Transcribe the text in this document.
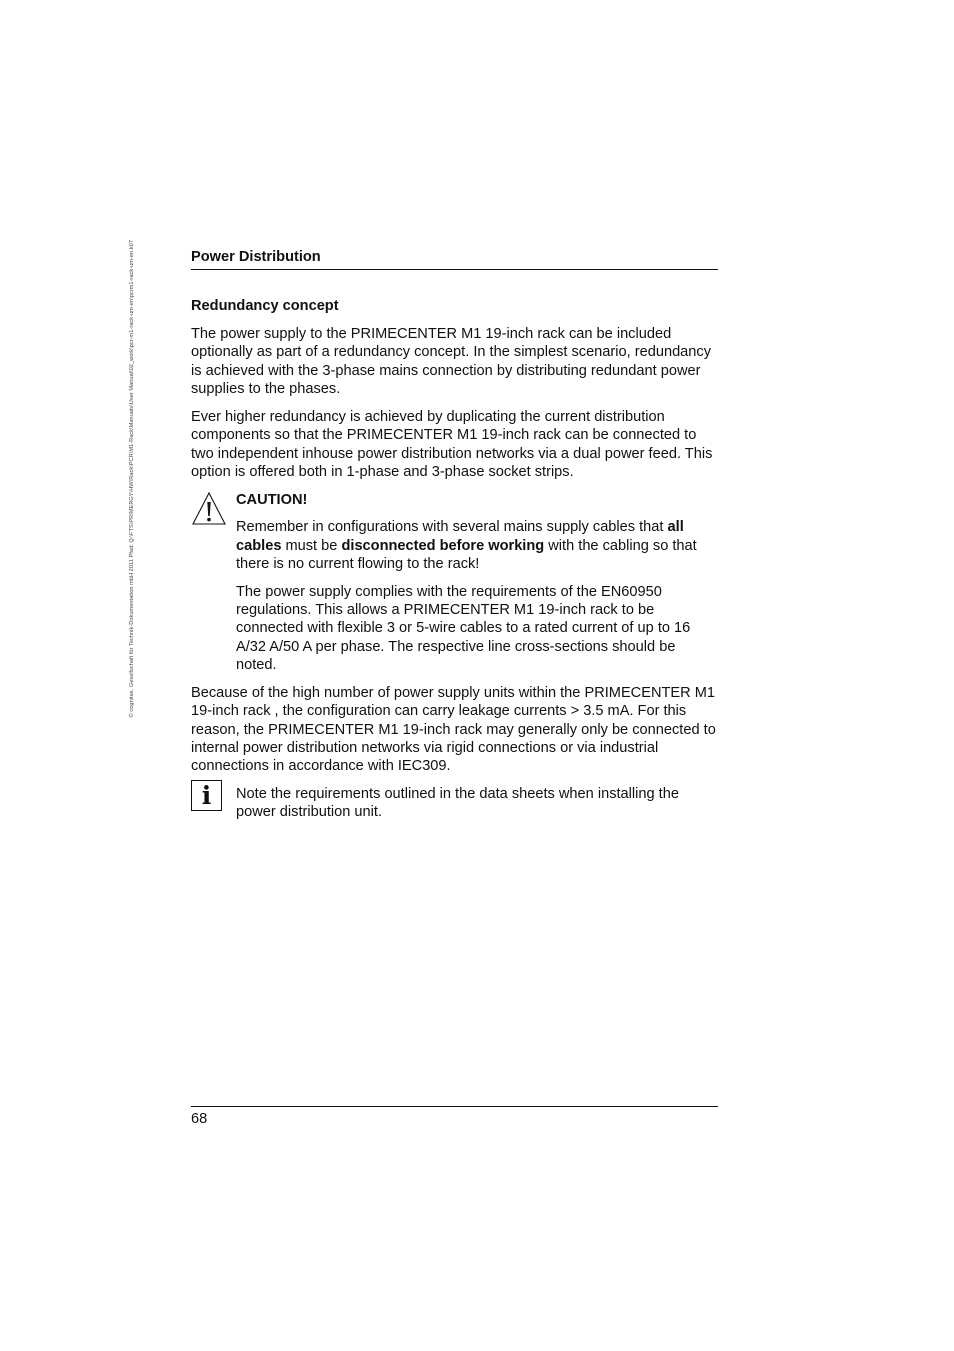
© cognitas. Gesellschaft für Technik-Dokumentation mbH 2011 Pfad: Q:\FTS\PRIMERGY\HW\Rack\PCR\M1-Rack\Manuals\User Manual\02_work\pcr-m1-rack-um-en\pcrm1-rack-um-en.k07	Power Distribution
Redundancy concept

The power supply to the PRIMECENTER M1 19-inch rack can be included optionally as part of a redundancy concept. In the simplest scenario, redundancy is achieved with the 3-phase mains connection by distributing redundant power supplies to the phases.

Ever higher redundancy is achieved by duplicating the current distribution components so that the PRIMECENTER M1 19-inch rack can be connected to two independent inhouse power distribution networks via a dual power feed. This option is offered both in 1-phase and 3-phase socket strips.

CAUTION!

Remember in configurations with several mains supply cables that all cables must be disconnected before working with the cabling so that there is no current flowing to the rack!

The power supply complies with the requirements of the EN60950 regulations. This allows a PRIMECENTER M1 19-inch rack to be connected with flexible 3 or 5-wire cables to a rated current of up to 16 A/32 A/50 A per phase. The respective line cross-sections should be noted.

Because of the high number of power supply units within the PRIMECENTER M1 19-inch rack , the configuration can carry leakage currents > 3.5 mA. For this reason, the PRIMECENTER M1 19-inch rack may generally only be connected to internal power distribution networks via rigid connections or via industrial connections in accordance with IEC309.

i	Note the requirements outlined in the data sheets when installing the power distribution unit.

68
